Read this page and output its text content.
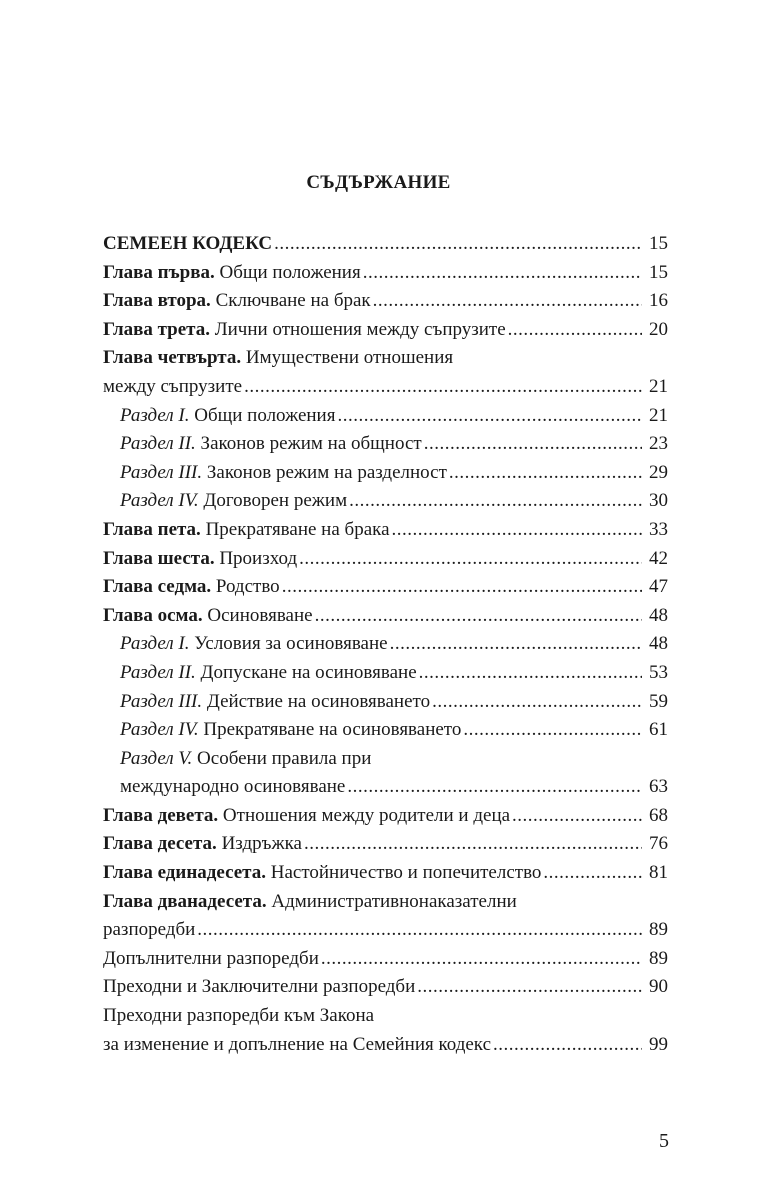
СЪДЪРЖАНИЕ
СЕМЕЕН КОДЕКС .....	15
Глава първа. Общи положения .....	15
Глава втора. Сключване на брак .....	16
Глава трета. Лични отношения между съпрузите .....	20
Глава четвърта. Имуществени отношения
между съпрузите .....	21
Раздел I. Общи положения .....	21
Раздел II. Законов режим на общност .....	23
Раздел III. Законов режим на разделност .....	29
Раздел IV. Договорен режим .....	30
Глава пета. Прекратяване на брака .....	33
Глава шеста. Произход .....	42
Глава седма. Родство .....	47
Глава осма. Осиновяване .....	48
Раздел I. Условия за осиновяване .....	48
Раздел II. Допускане на осиновяване .....	53
Раздел III. Действие на осиновяването .....	59
Раздел IV. Прекратяване на осиновяването .....	61
Раздел V. Особени правила при
международно осиновяване .....	63
Глава девета. Отношения между родители и деца .....	68
Глава десета. Издръжка .....	76
Глава единадесета. Настойничество и попечителство .....	81
Глава дванадесета. Административнонаказателни
разпоредби .....	89
Допълнителни разпоредби .....	89
Преходни и Заключителни разпоредби .....	90
Преходни разпоредби към Закона
за изменение и допълнение на Семейния кодекс .....	99
5
